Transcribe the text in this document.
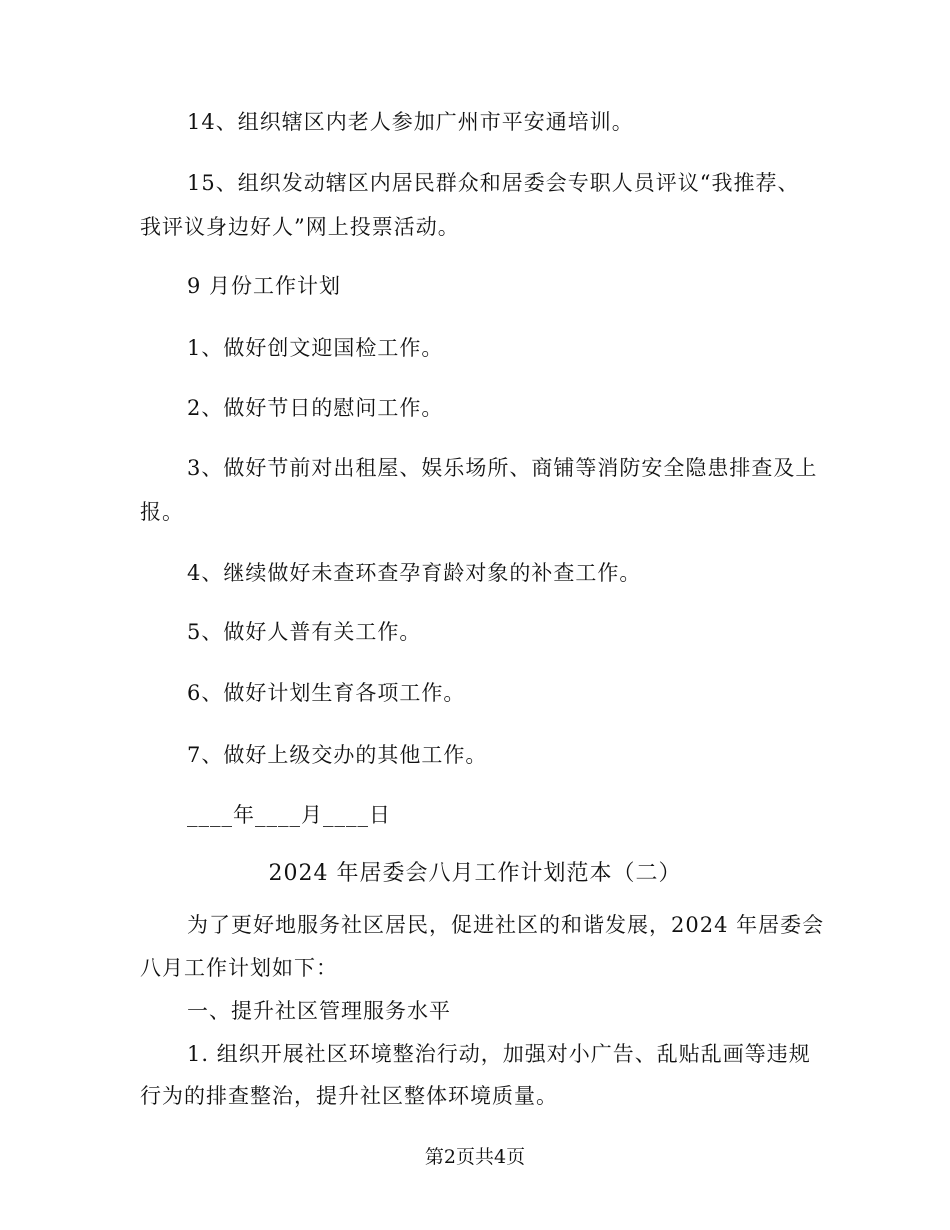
14、组织辖区内老人参加广州市平安通培训。
15、组织发动辖区内居民群众和居委会专职人员评议“我推荐、
我评议身边好人”网上投票活动。
9 月份工作计划
1、做好创文迎国检工作。
2、做好节日的慰问工作。
3、做好节前对出租屋、娱乐场所、商铺等消防安全隐患排查及上
报。
4、继续做好未查环查孕育龄对象的补查工作。
5、做好人普有关工作。
6、做好计划生育各项工作。
7、做好上级交办的其他工作。
____年____月____日
2024 年居委会八月工作计划范本（二）
为了更好地服务社区居民，促进社区的和谐发展，2024 年居委会
八月工作计划如下：
一、提升社区管理服务水平
1. 组织开展社区环境整治行动，加强对小广告、乱贴乱画等违规
行为的排查整治，提升社区整体环境质量。
第2页共4页
